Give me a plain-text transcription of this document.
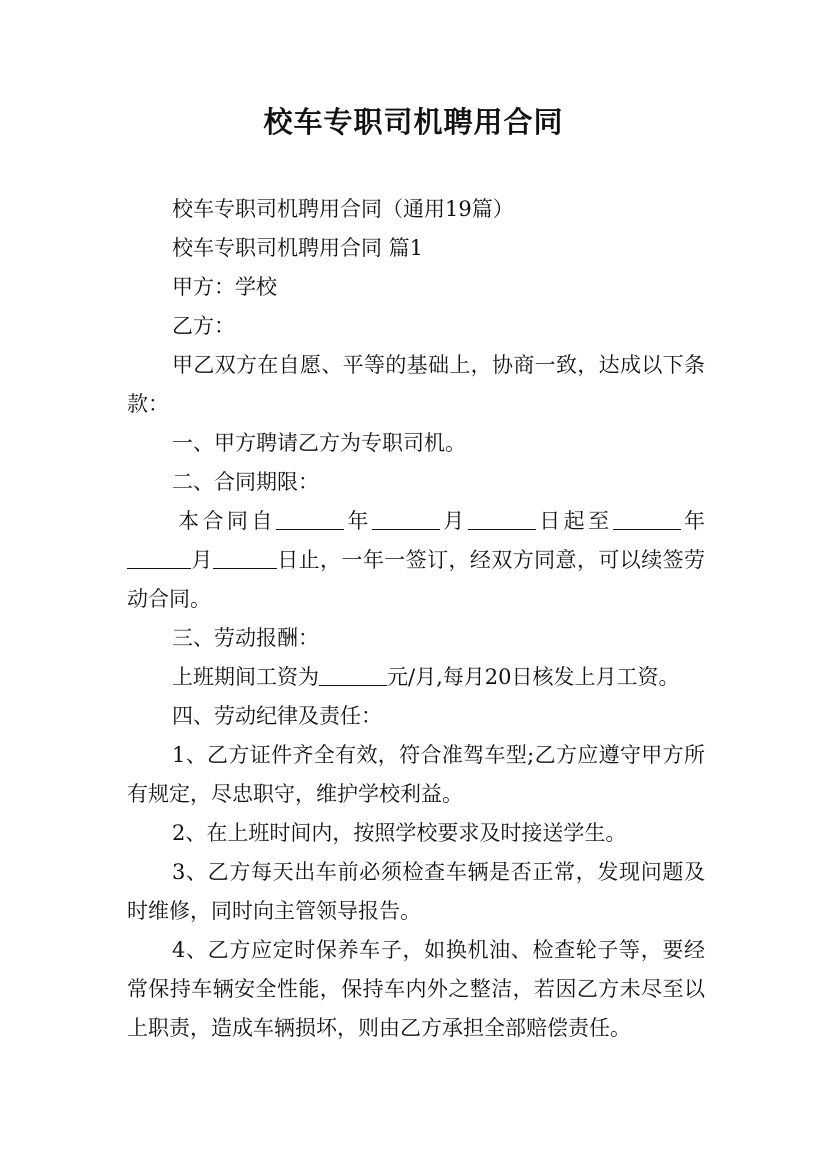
校车专职司机聘用合同
校车专职司机聘用合同（通用19篇）
校车专职司机聘用合同 篇1
甲方：学校
乙方：
甲乙双方在自愿、平等的基础上，协商一致，达成以下条款：
一、甲方聘请乙方为专职司机。
二、合同期限：
本合同自	年	月	日起至	年月	日止，一年一签订，经双方同意，可以续签劳动合同。
三、劳动报酬：
上班期间工资为	元/月,每月20日核发上月工资。
四、劳动纪律及责任：
1、乙方证件齐全有效，符合准驾车型;乙方应遵守甲方所有规定，尽忠职守，维护学校利益。
2、在上班时间内，按照学校要求及时接送学生。
3、乙方每天出车前必须检查车辆是否正常，发现问题及时维修，同时向主管领导报告。
4、乙方应定时保养车子，如换机油、检查轮子等，要经常保持车辆安全性能，保持车内外之整洁，若因乙方未尽至以上职责，造成车辆损坏，则由乙方承担全部赔偿责任。
